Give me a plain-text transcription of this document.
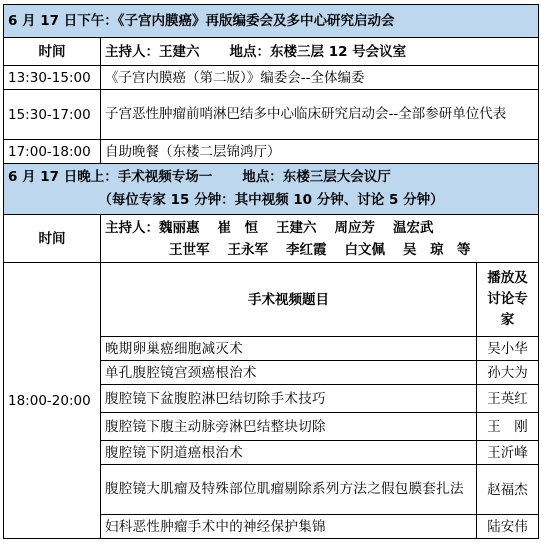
6 月 17 日下午：《子宫内膜癌》再版编委会及多中心研究启动会		
时间	主持人：王建六 地点：东楼三层 12 号会议室	
13:30-15:00	《子宫内膜癌（第二版）》编委会--全体编委	
15:30-17:00	子宫恶性肿瘤前哨淋巴结多中心临床研究启动会--全部参研单位代表	
17:00-18:00	自助晚餐（东楼二层锦鸿厅）	

6 月 17 日晚上：手术视频专场一 地点：东楼三层大会议厅
（每位专家 15 分钟：其中视频 10 分钟、讨论 5 分钟）		

时间	主持人：魏丽惠 崔　恒 王建六 周应芳 温宏武
王世军 王永军 李红霞 白文佩 吴　琼　等	

18:00-20:00	手术视频题目	播放及讨论专家
	晚期卵巢癌细胞减灭术	吴小华
	单孔腹腔镜宫颈癌根治术	孙大为
	腹腔镜下盆腹腔淋巴结切除手术技巧	王英红
	腹腔镜下腹主动脉旁淋巴结整块切除	王　刚
	腹腔镜下阴道癌根治术	王沂峰
	腹腔镜大肌瘤及特殊部位肌瘤剔除系列方法之假包膜套扎法	赵福杰
	妇科恶性肿瘤手术中的神经保护集锦	陆安伟
